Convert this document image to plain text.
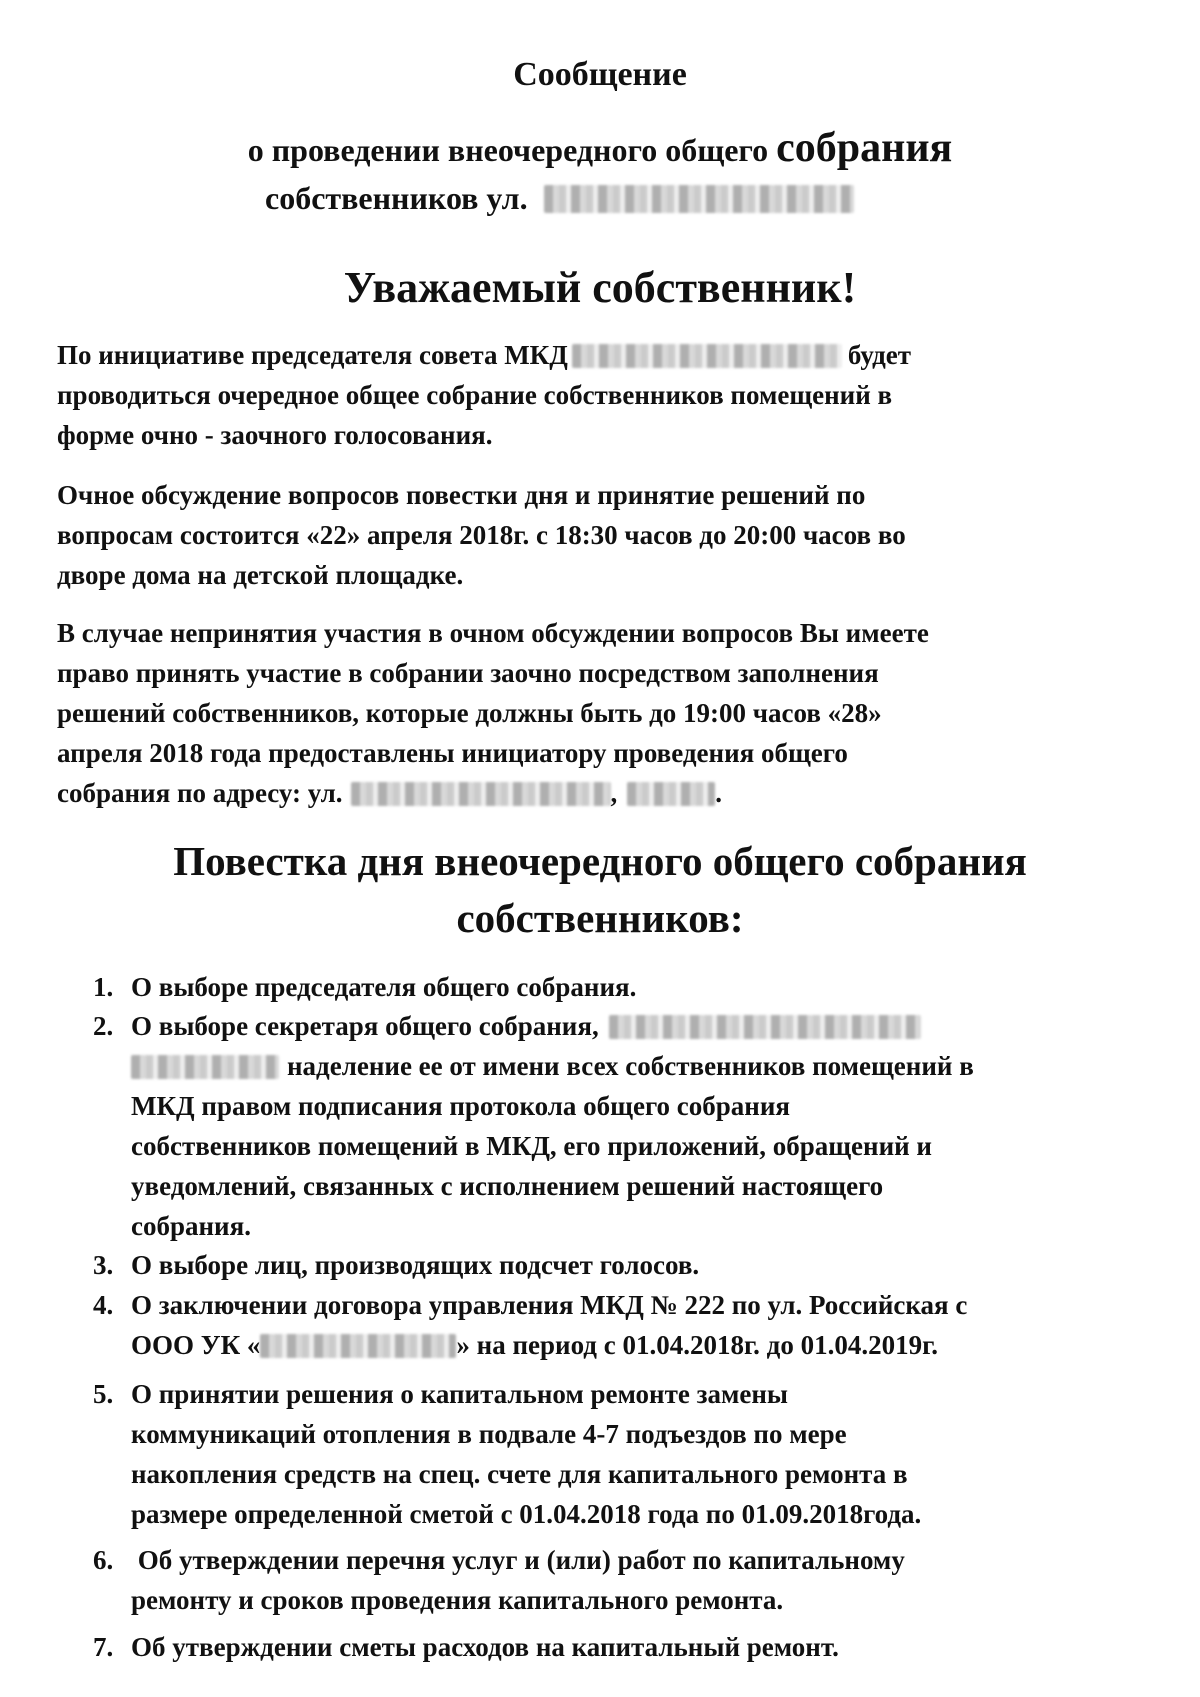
Сообщение
о проведении внеочередного общего собрания
собственников ул.
Уважаемый собственник!
По инициативе председателя совета МКД	будет
проводиться очередное общее собрание собственников помещений в
форме очно - заочного голосования.
Очное обсуждение вопросов повестки дня и принятие решений по
вопросам состоится «22» апреля 2018г. с 18:30 часов до 20:00 часов во
дворе дома на детской площадке.
В случае непринятия участия в очном обсуждении вопросов Вы имеете
право принять участие в собрании заочно посредством заполнения
решений собственников, которые должны быть до 19:00 часов «28»
апреля 2018 года предоставлены инициатору проведения общего
собрания по адресу: ул.	,	.
Повестка дня внеочередного общего собрания
собственников:
1. О выборе председателя общего собрания.
2. О выборе секретаря общего собрания,
наделение ее от имени всех собственников помещений в
МКД правом подписания протокола общего собрания
собственников помещений в МКД, его приложений, обращений и
уведомлений, связанных с исполнением решений настоящего
собрания.
3. О выборе лиц, производящих подсчет голосов.
4. О заключении договора управления МКД № 222 по ул. Российская с
ООО УК «	» на период с 01.04.2018г. до 01.04.2019г.
5. О принятии решения о капитальном ремонте замены
коммуникаций отопления в подвале 4-7 подъездов по мере
накопления средств на спец. счете для капитального ремонта в
размере определенной сметой с 01.04.2018 года по 01.09.2018года.
6. Об утверждении перечня услуг и (или) работ по капитальному
ремонту и сроков проведения капитального ремонта.
7. Об утверждении сметы расходов на капитальный ремонт.
